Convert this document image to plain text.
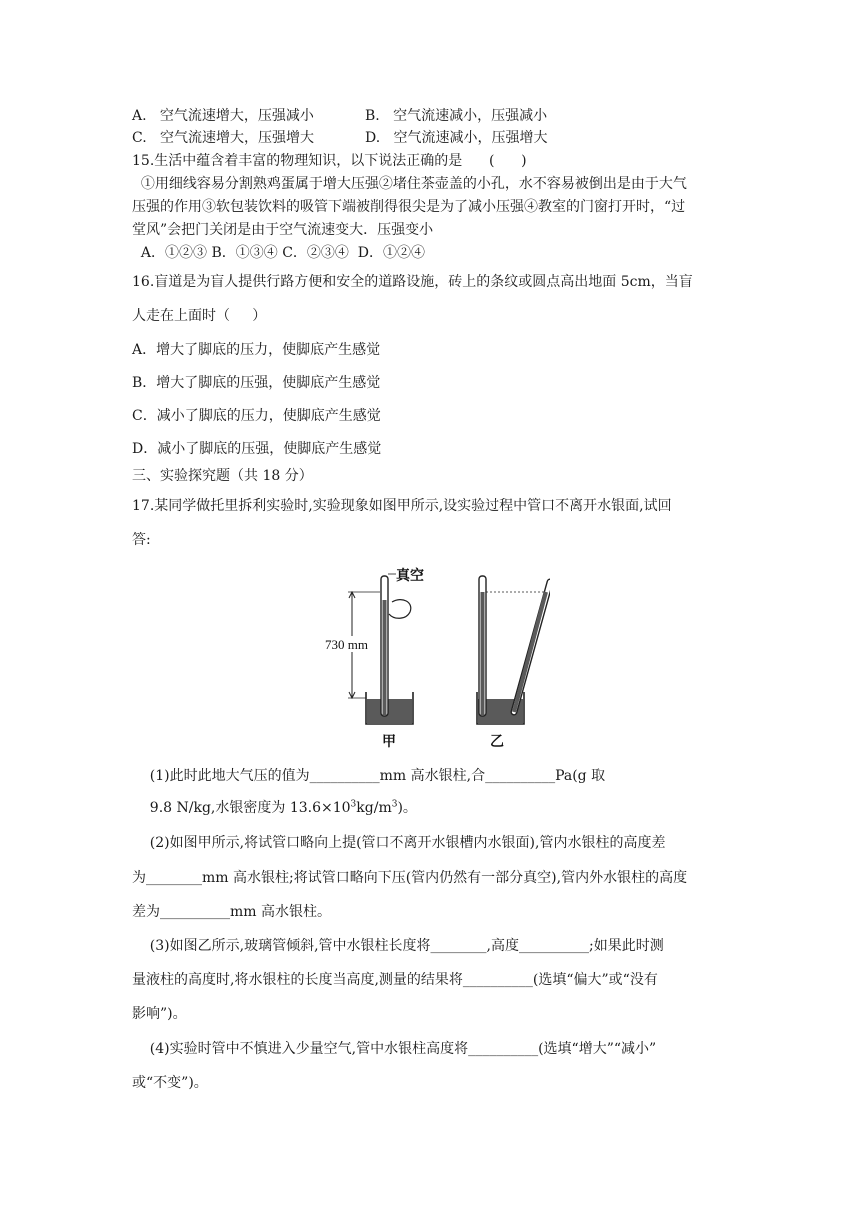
A.   空气流速增大，压强减小	B.   空气流速减小，压强减小
C.   空气流速增大，压强增大	D.   空气流速减小，压强增大
15.生活中蕴含着丰富的物理知识，以下说法正确的是      (      )
①用细线容易分割熟鸡蛋属于增大压强②堵住茶壶盖的小孔，水不容易被倒出是由于大气
压强的作用③软包装饮料的吸管下端被削得很尖是为了减小压强④教室的门窗打开时，“过
堂风”会把门关闭是由于空气流速变大．压强变小
A．①②③ B．①③④ C．②③④  D．①②④
16.盲道是为盲人提供行路方便和安全的道路设施，砖上的条纹或圆点高出地面 5cm，当盲
人走在上面时（     ）
A．增大了脚底的压力，使脚底产生感觉
B．增大了脚底的压强，使脚底产生感觉
C．减小了脚底的压力，使脚底产生感觉
D．减小了脚底的压强，使脚底产生感觉
三、实验探究题（共 18 分）
17.某同学做托里拆利实验时,实验现象如图甲所示,设实验过程中管口不离开水银面,试回
答:
真空
730 mm
甲	乙
(1)此时此地大气压的值为__________mm 高水银柱,合__________Pa(g 取
9.8 N/kg,水银密度为 $13.6\times 10^3kg/m^3$)。
(2)如图甲所示,将试管口略向上提(管口不离开水银槽内水银面),管内水银柱的高度差
为________mm 高水银柱;将试管口略向下压(管内仍然有一部分真空),管内外水银柱的高度
差为__________mm 高水银柱。
(3)如图乙所示,玻璃管倾斜,管中水银柱长度将________,高度__________;如果此时测
量液柱的高度时,将水银柱的长度当高度,测量的结果将__________(选填“偏大”或“没有
影响”)。
(4)实验时管中不慎进入少量空气,管中水银柱高度将__________(选填“增大”“减小”
或“不变”)。
